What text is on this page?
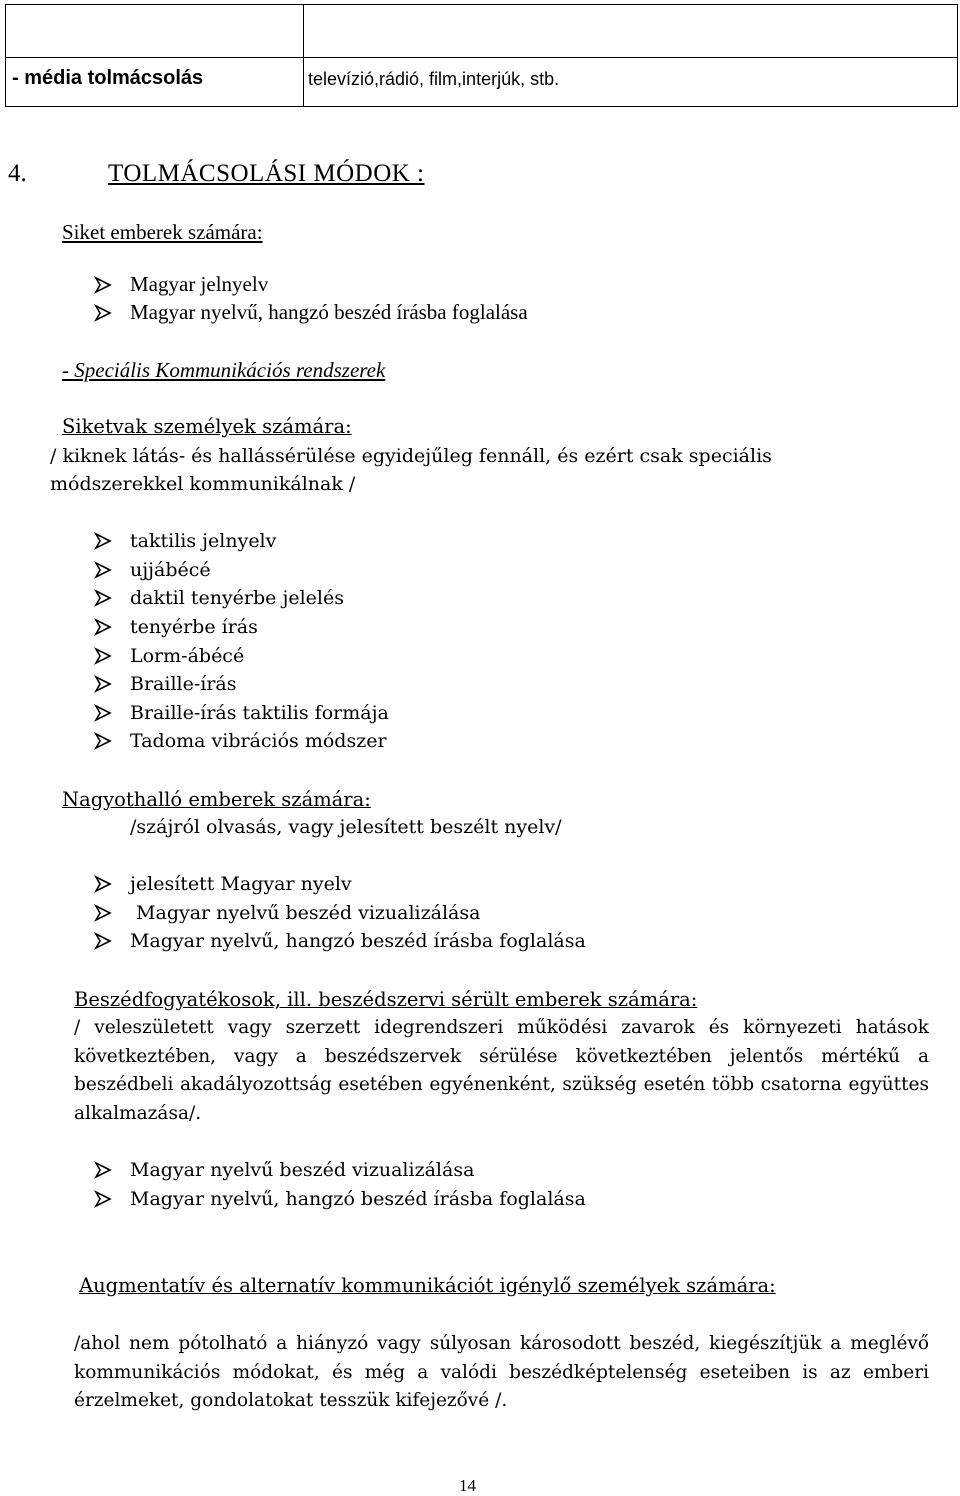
- média tolmácsolás	televízió,rádió, film,interjúk, stb.
4.	TOLMÁCSOLÁSI MÓDOK :
Siket emberek számára:
Magyar jelnyelv
Magyar nyelvű, hangzó beszéd írásba foglalása
- Speciális Kommunikációs rendszerek
Siketvak személyek számára:
/ kiknek látás- és hallássérülése egyidejűleg fennáll, és ezért csak speciális
módszerekkel kommunikálnak /
taktilis jelnyelv
ujjábécé
daktil tenyérbe jelelés
tenyérbe írás
Lorm-ábécé
Braille-írás
Braille-írás taktilis formája
Tadoma vibrációs módszer
Nagyothalló emberek számára:
/szájról olvasás, vagy jelesített beszélt nyelv/
jelesített Magyar nyelv
Magyar nyelvű beszéd vizualizálása
Magyar nyelvű, hangzó beszéd írásba foglalása
Beszédfogyatékosok, ill. beszédszervi sérült emberek számára:
/ veleszületett vagy szerzett idegrendszeri működési zavarok és környezeti hatások következtében, vagy a beszédszervek sérülése következtében jelentős mértékű a beszédbeli akadályozottság esetében egyénenként, szükség esetén több csatorna együttes alkalmazása/.
Magyar nyelvű beszéd vizualizálása
Magyar nyelvű, hangzó beszéd írásba foglalása
Augmentatív és alternatív kommunikációt igénylő személyek számára:
/ahol nem pótolható a hiányzó vagy súlyosan károsodott beszéd, kiegészítjük a meglévő kommunikációs módokat, és még a valódi beszédképtelenség eseteiben is az emberi érzelmeket, gondolatokat tesszük kifejezővé /.
14
